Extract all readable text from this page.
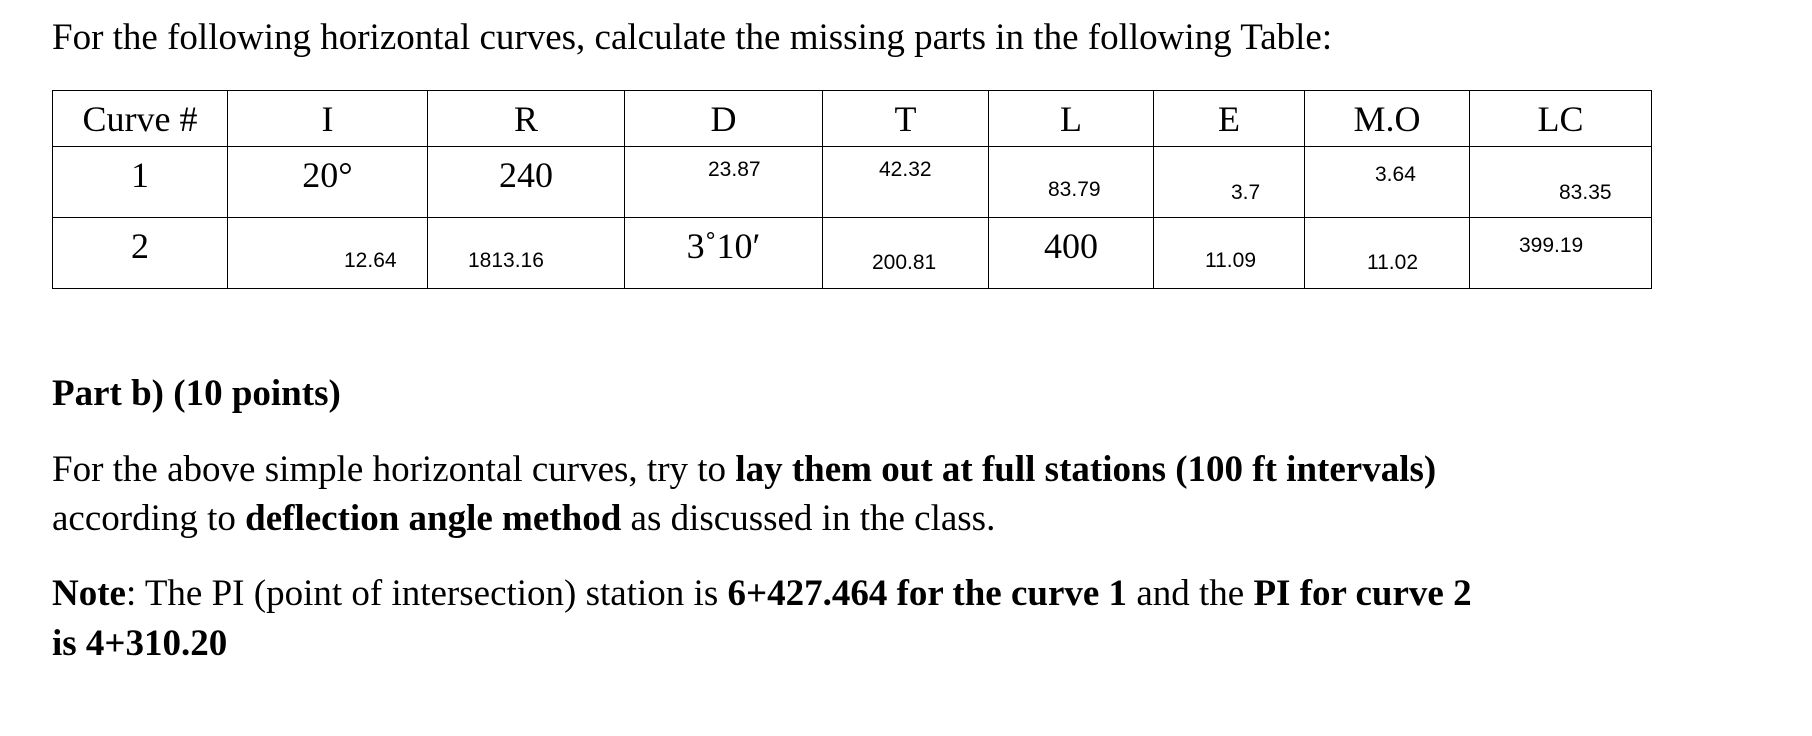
For the following horizontal curves, calculate the missing parts in the following Table:
Curve #	I	R	D	T	L	E	M.O	LC

1	20°	240	23.87	42.32	83.79	3.7	3.64	83.35

2	12.64	1813.16	3˚10′	200.81	400	11.09	11.02	399.19
Part b) (10 points)
For the above simple horizontal curves, try to lay them out at full stations (100 ft intervals)
according to deflection angle method as discussed in the class.
Note: The PI (point of intersection) station is 6+427.464 for the curve 1 and the PI for curve 2
is 4+310.20
